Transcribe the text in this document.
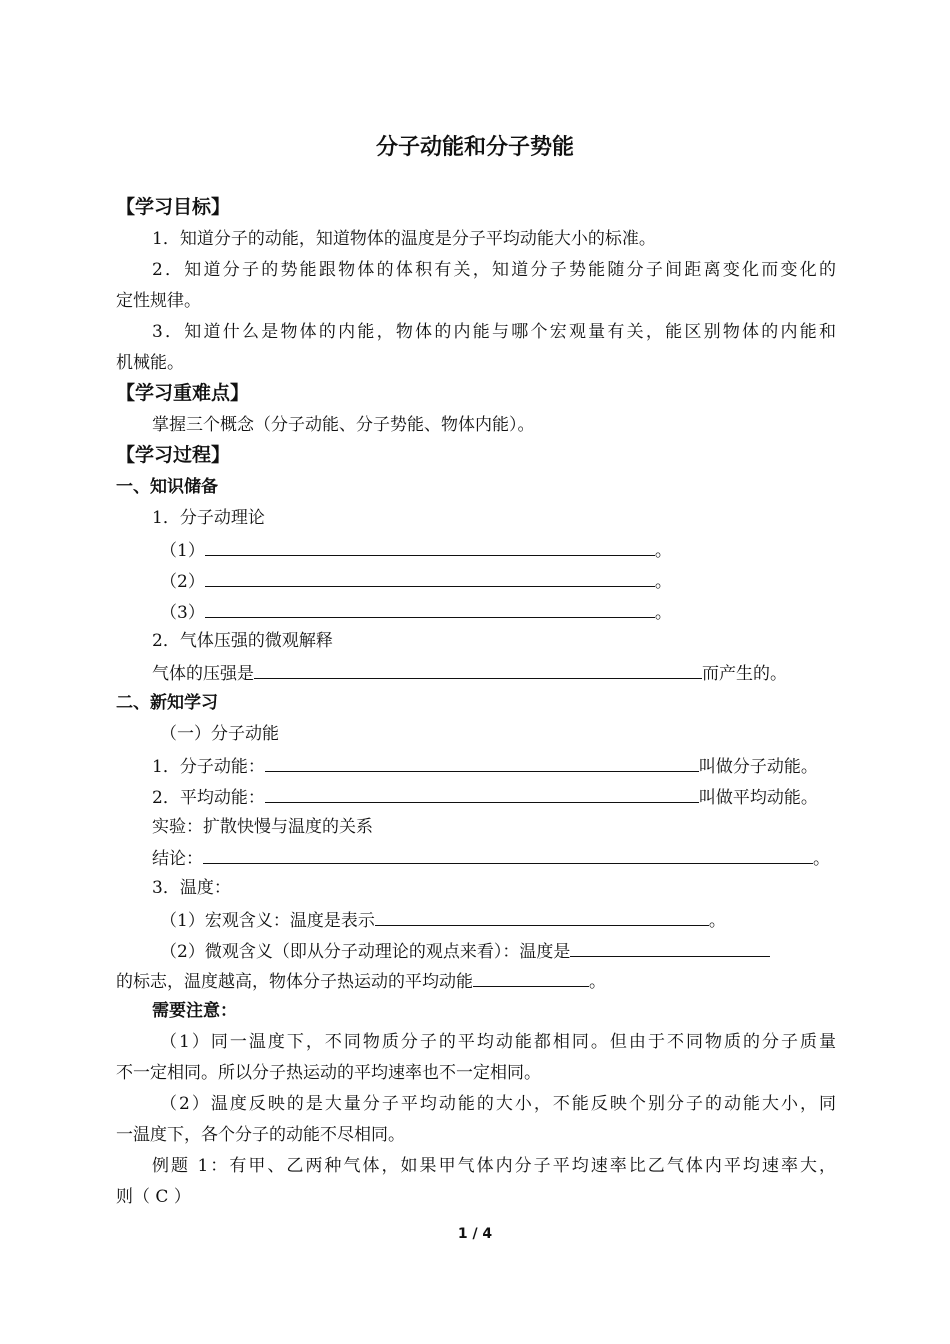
分子动能和分子势能
【学习目标】
1．知道分子的动能，知道物体的温度是分子平均动能大小的标准。
2．知道分子的势能跟物体的体积有关，知道分子势能随分子间距离变化而变化的
定性规律。
3．知道什么是物体的内能，物体的内能与哪个宏观量有关，能区别物体的内能和
机械能。
【学习重难点】
掌握三个概念（分子动能、分子势能、物体内能）。
【学习过程】
一、知识储备
1．分子动理论
（1）	。
（2）	。
（3）	。
2．气体压强的微观解释
气体的压强是	而产生的。
二、新知学习
（一）分子动能
1．分子动能：	叫做分子动能。
2．平均动能：	叫做平均动能。
实验：扩散快慢与温度的关系
结论：	。
3．温度：
（1）宏观含义：温度是表示	。
（2）微观含义（即从分子动理论的观点来看）：温度是
的标志，温度越高，物体分子热运动的平均动能	。
需要注意：
（1）同一温度下，不同物质分子的平均动能都相同。但由于不同物质的分子质量
不一定相同。所以分子热运动的平均速率也不一定相同。
（2）温度反映的是大量分子平均动能的大小，不能反映个别分子的动能大小，同
一温度下，各个分子的动能不尽相同。
例题 1：有甲、乙两种气体，如果甲气体内分子平均速率比乙气体内平均速率大，
则（ C ）
1 / 4
